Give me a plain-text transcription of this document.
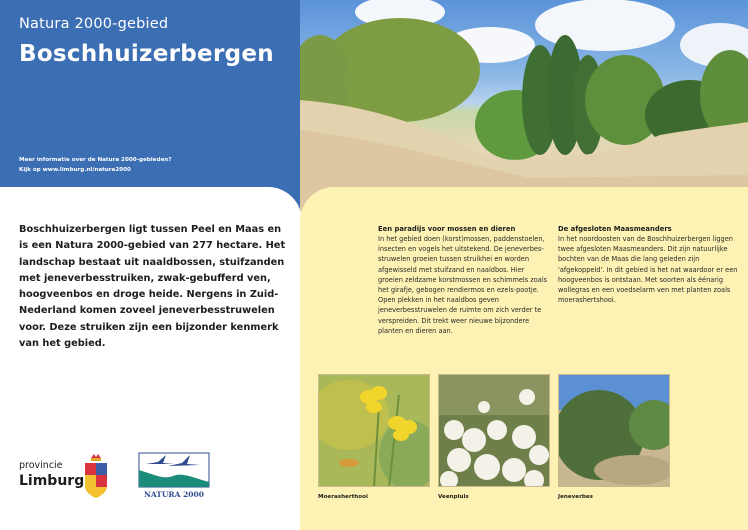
Natura 2000-gebied
Boschhuizerbergen
Meer informatie over de Natura 2000-gebieden?
Kijk op www.limburg.nl/natura2000
Boschhuizerbergen ligt tussen Peel en Maas en is een Natura 2000-gebied van 277 hectare. Het landschap bestaat uit naaldbossen, stuifzanden met jeneverbesstruiken, zwak-gebufferd ven, hoogveenbos en droge heide. Nergens in Zuid-Nederland komen zoveel jeneverbesstruwelen voor. Deze struiken zijn een bijzonder kenmerk van het gebied.
provincie
Limburg
NATURA 2000
Een paradijs voor mossen en dieren

In het gebied doen (korst)mossen, paddenstoelen, insecten en vogels het uitstekend. De jeneverbes-struwelen groeien tussen struikhei en worden afgewisseld met stuifzand en naaldbos. Hier groeien zeldzame korstmossen en schimmels zoals het girafje, gebogen rendiermos en ezels-pootje. Open plekken in het naaldbos geven jeneverbesstruwelen de ruimte om zich verder te verspreiden. Dit trekt weer nieuwe bijzondere planten en dieren aan.

De afgesloten Maasmeanders

In het noordoosten van de Boschhuizerbergen liggen twee afgesloten Maasmeanders. Dit zijn natuurlijke bochten van de Maas die lang geleden zijn 'afgekoppeld'. In dit gebied is het nat waardoor er een hoogveenbos is ontstaan. Met soorten als éénarig wollegras en een voedselarm ven met planten zoals moerashertshooi.

Moerasherthooi	Veenpluis	Jeneverbes
